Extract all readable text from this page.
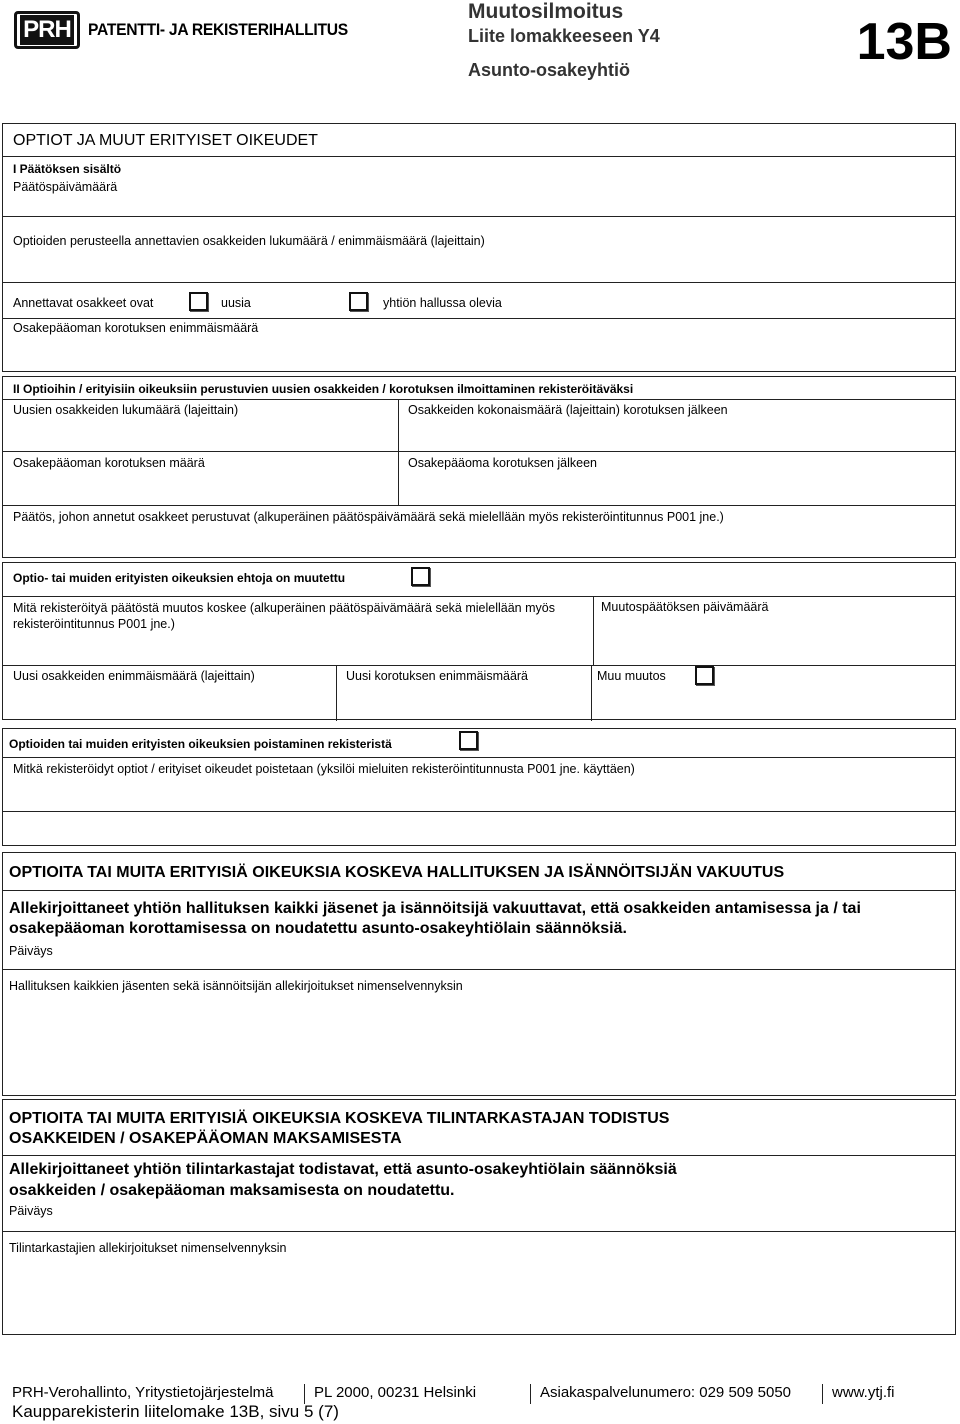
PRH PATENTTI- JA REKISTERIHALLITUS
Muutosilmoitus
Liite lomakkeeseen Y4
Asunto-osakeyhtiö	13B
OPTIOT JA MUUT ERITYISET OIKEUDET
I Päätöksen sisältö
Päätöspäivämäärä
Optioiden perusteella annettavien osakkeiden lukumäärä / enimmäismäärä (lajeittain)
Annettavat osakkeet ovat	uusia	yhtiön hallussa olevia
Osakepääoman korotuksen enimmäismäärä
II Optioihin / erityisiin oikeuksiin perustuvien uusien osakkeiden / korotuksen ilmoittaminen rekisteröitäväksi
Uusien osakkeiden lukumäärä (lajeittain)	Osakkeiden kokonaismäärä (lajeittain) korotuksen jälkeen
Osakepääoman korotuksen määrä	Osakepääoma korotuksen jälkeen
Päätös, johon annetut osakkeet perustuvat (alkuperäinen päätöspäivämäärä sekä mielellään myös rekisteröintitunnus P001 jne.)
Optio- tai muiden erityisten oikeuksien ehtoja on muutettu
Mitä rekisteröityä päätöstä muutos koskee (alkuperäinen päätöspäivämäärä sekä mielellään myös rekisteröintitunnus P001 jne.)
Muutospäätöksen päivämäärä
Uusi osakkeiden enimmäismäärä (lajeittain)	Uusi korotuksen enimmäismäärä	Muu muutos
Optioiden tai muiden erityisten oikeuksien poistaminen rekisteristä
Mitkä rekisteröidyt optiot / erityiset oikeudet poistetaan (yksilöi mieluiten rekisteröintitunnusta P001 jne. käyttäen)
OPTIOITA TAI MUITA ERITYISIÄ OIKEUKSIA KOSKEVA HALLITUKSEN JA ISÄNNÖITSIJÄN VAKUUTUS
Allekirjoittaneet yhtiön hallituksen kaikki jäsenet ja isännöitsijä vakuuttavat, että osakkeiden antamisessa ja / tai
osakepääoman korottamisessa on noudatettu asunto-osakeyhtiölain säännöksiä.
Päiväys
Hallituksen kaikkien jäsenten sekä isännöitsijän allekirjoitukset nimenselvennyksin
OPTIOITA TAI MUITA ERITYISIÄ OIKEUKSIA KOSKEVA TILINTARKASTAJAN TODISTUS
OSAKKEIDEN / OSAKEPÄÄOMAN MAKSAMISESTA
Allekirjoittaneet yhtiön tilintarkastajat todistavat, että asunto-osakeyhtiölain säännöksiä
osakkeiden / osakepääoman maksamisesta on noudatettu.
Päiväys
Tilintarkastajien allekirjoitukset nimenselvennyksin
PRH-Verohallinto, Yritystietojärjestelmä	PL 2000, 00231 Helsinki	Asiakaspalvelunumero: 029 509 5050	www.ytj.fi
Kaupparekisterin liitelomake 13B, sivu 5 (7)
